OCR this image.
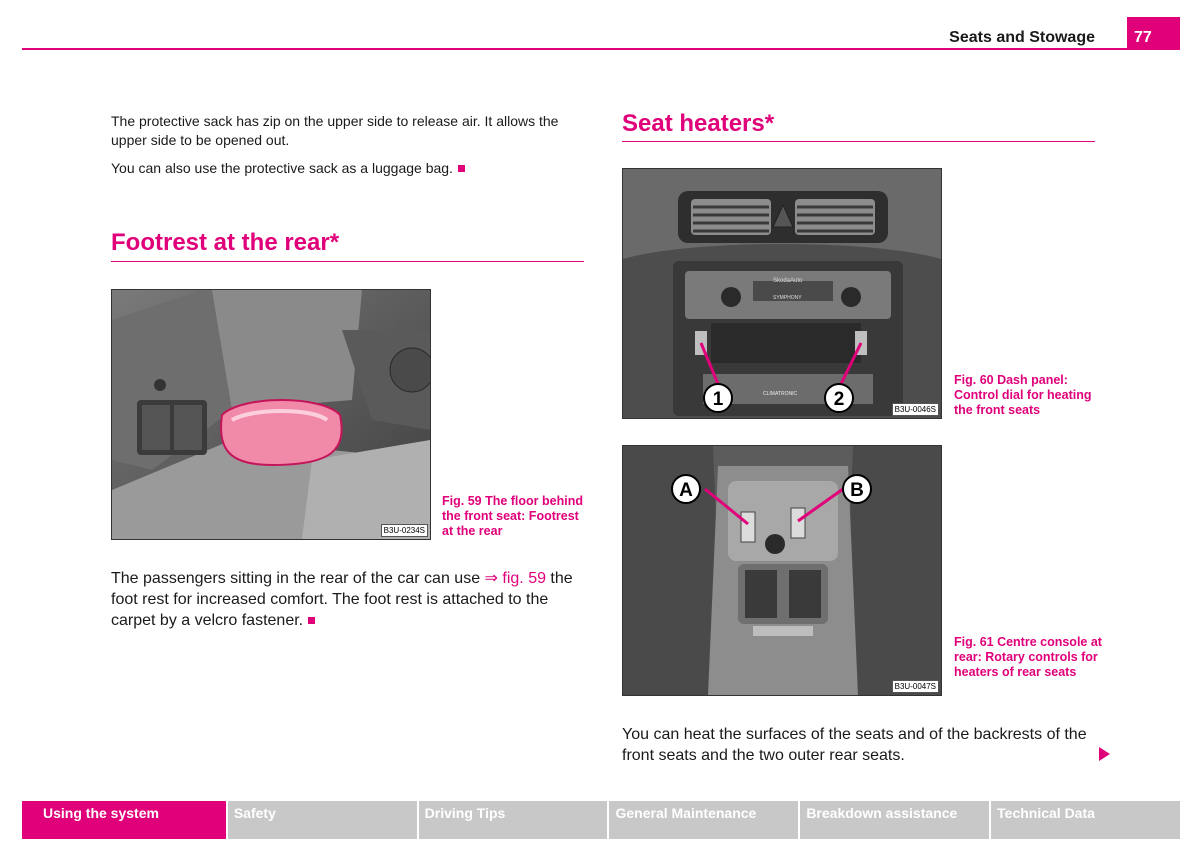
Seats and Stowage	77

The protective sack has zip on the upper side to release air. It allows the upper side to be opened out.

You can also use the protective sack as a luggage bag.

Footrest at the rear*
B3U-0234S
Fig. 59 The floor behind the front seat: Footrest at the rear

The passengers sitting in the rear of the car can use ⇒ fig. 59 the foot rest for increased comfort. The foot rest is attached to the carpet by a velcro fastener.

Seat heaters*
SkodaAuto
SYMPHONY
CLIMATRONIC
1	2	B3U-0046S
Fig. 60 Dash panel: Control dial for heating the front seats
A	B
B3U-0047S
Fig. 61 Centre console at rear: Rotary controls for heaters of rear seats

You can heat the surfaces of the seats and of the backrests of the front seats and the two outer rear seats.

Using the system	Safety	Driving Tips	General Maintenance	Breakdown assistance	Technical Data
